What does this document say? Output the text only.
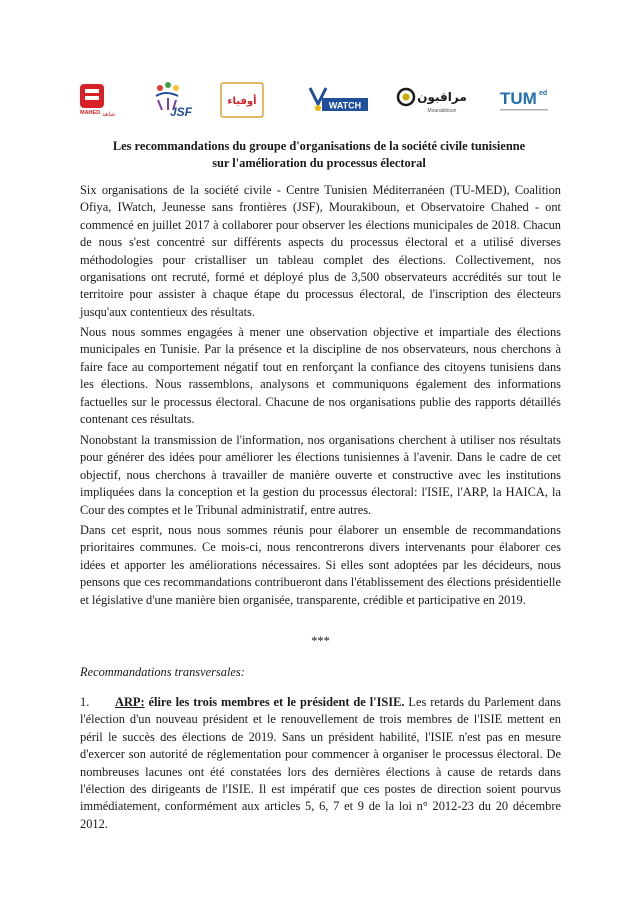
MAHED شاهد	JSF
أوفياء	WATCH
مراقبون
Mourakiboun
TUM ed
Les recommandations du groupe d'organisations de la société civile tunisienne
sur l'amélioration du processus électoral

Six organisations de la société civile - Centre Tunisien Méditerranéen (TU-MED), Coalition Ofiya, IWatch, Jeunesse sans frontières (JSF), Mourakiboun, et Observatoire Chahed - ont commencé en juillet 2017 à collaborer pour observer les élections municipales de 2018. Chacun de nous s'est concentré sur différents aspects du processus électoral et a utilisé diverses méthodologies pour cristalliser un tableau complet des élections. Collectivement, nos organisations ont recruté, formé et déployé plus de 3,500 observateurs accrédités sur tout le territoire pour assister à chaque étape du processus électoral, de l'inscription des électeurs jusqu'aux contentieux des résultats.

Nous nous sommes engagées à mener une observation objective et impartiale des élections municipales en Tunisie. Par la présence et la discipline de nos observateurs, nous cherchons à faire face au comportement négatif tout en renforçant la confiance des citoyens tunisiens dans les élections. Nous rassemblons, analysons et communiquons également des informations factuelles sur le processus électoral. Chacune de nos organisations publie des rapports détaillés contenant ces résultats.

Nonobstant la transmission de l'information, nos organisations cherchent à utiliser nos résultats pour générer des idées pour améliorer les élections tunisiennes à l'avenir. Dans le cadre de cet objectif, nous cherchons à travailler de manière ouverte et constructive avec les institutions impliquées dans la conception et la gestion du processus électoral: l'ISIE, l'ARP, la HAICA, la Cour des comptes et le Tribunal administratif, entre autres.

Dans cet esprit, nous nous sommes réunis pour élaborer un ensemble de recommandations prioritaires communes. Ce mois-ci, nous rencontrerons divers intervenants pour élaborer ces idées et apporter les améliorations nécessaires. Si elles sont adoptées par les décideurs, nous pensons que ces recommandations contribueront dans l'établissement des élections présidentielle et législative d'une manière bien organisée, transparente, crédible et participative en 2019.

***
Recommandations transversales:

1. ARP: élire les trois membres et le président de l'ISIE. Les retards du Parlement dans l'élection d'un nouveau président et le renouvellement de trois membres de l'ISIE mettent en péril le succès des élections de 2019. Sans un président habilité, l'ISIE n'est pas en mesure d'exercer son autorité de réglementation pour commencer à organiser le processus électoral. De nombreuses lacunes ont été constatées lors des dernières élections à cause de retards dans l'élection des dirigeants de l'ISIE. Il est impératif que ces postes de direction soient pourvus immédiatement, conformément aux articles 5, 6, 7 et 9 de la loi n° 2012-23 du 20 décembre 2012.
